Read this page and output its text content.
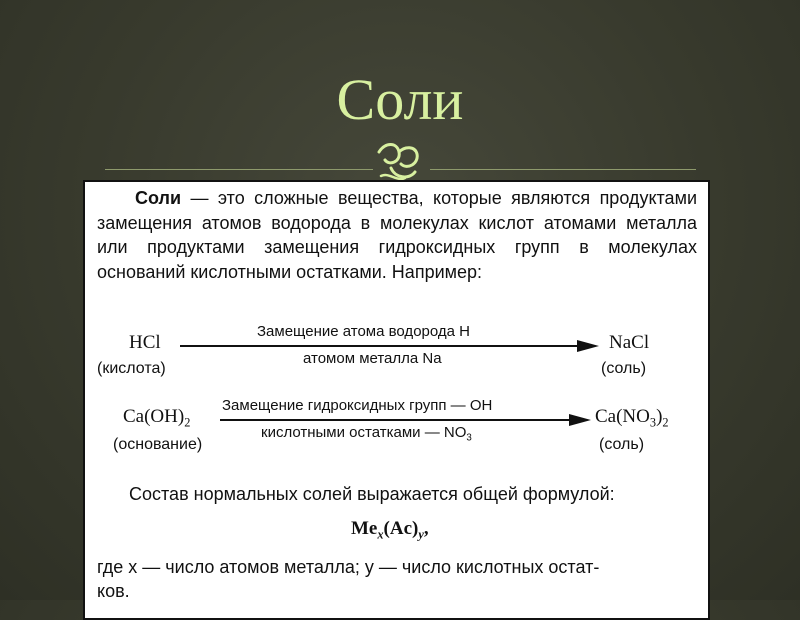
Соли

Соли — это сложные вещества, которые являются продуктами замещения атомов водорода в молекулах кислот атомами металла или продуктами замещения гидроксидных групп в молекулах оснований кислотными остатками. Например:

HCl
(кислота)
Замещение атома водорода H
атомом металла Na
NaCl
(соль)
$Ca(OH)_2$
(основание)
Замещение гидроксидных групп — OH
кислотными остатками — $NO_3$
$Ca(NO_3)_2$
(соль)
Состав нормальных солей выражается общей формулой:
$Me_x(Ac)_y$,
где x — число атомов металла; y — число кислотных остат-
ков.
